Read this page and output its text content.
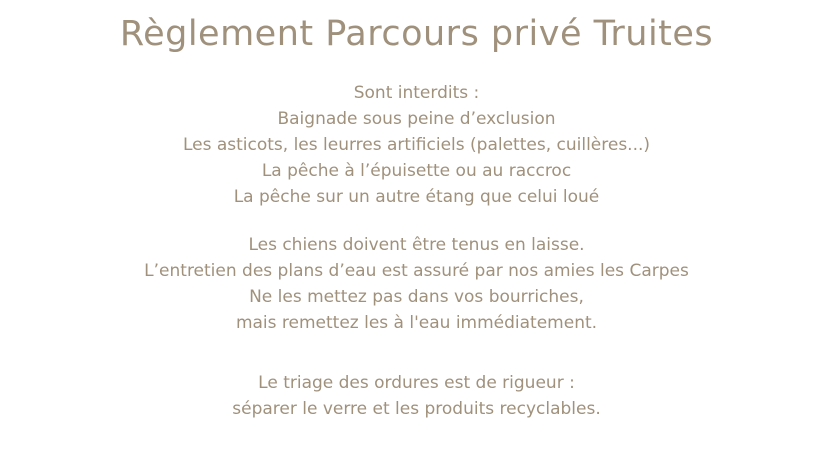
Règlement Parcours privé Truites
Sont interdits :
Baignade sous peine d’exclusion
Les asticots, les leurres artificiels (palettes, cuillères...)
La pêche à l’épuisette ou au raccroc
La pêche sur un autre étang que celui loué
Les chiens doivent être tenus en laisse.
L’entretien des plans d’eau est assuré par nos amies les Carpes
Ne les mettez pas dans vos bourriches,
mais remettez les à l'eau immédiatement.
Le triage des ordures est de rigueur :
séparer le verre et les produits recyclables.
